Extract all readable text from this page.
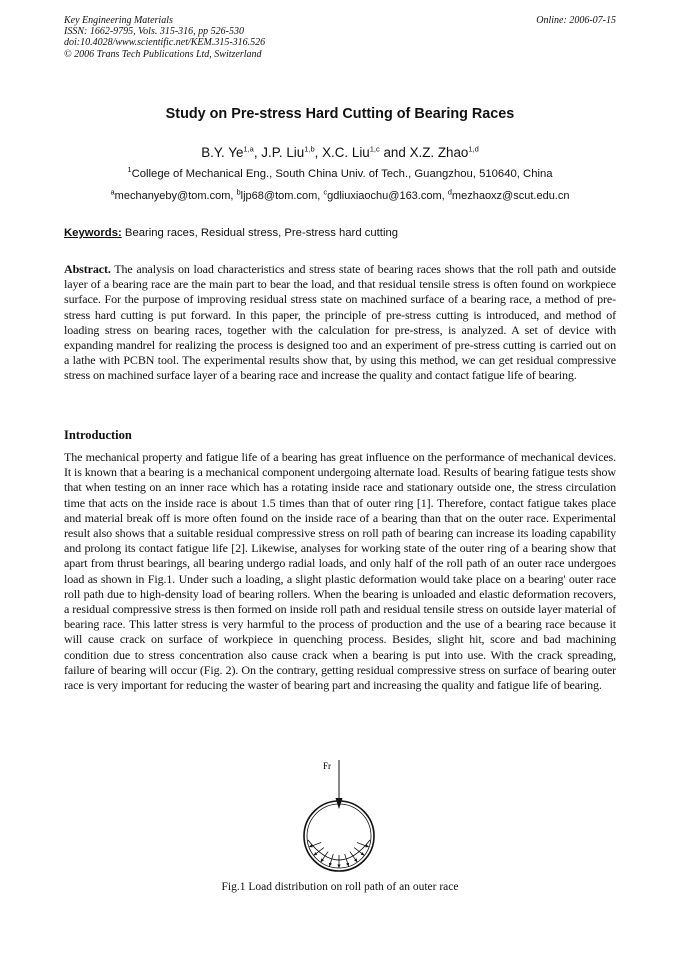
Key Engineering Materials
ISSN: 1662-9795, Vols. 315-316, pp 526-530
doi:10.4028/www.scientific.net/KEM.315-316.526
© 2006 Trans Tech Publications Ltd, Switzerland
Online: 2006-07-15
Study on Pre-stress Hard Cutting of Bearing Races
B.Y. Ye$^{1,a}$, J.P. Liu$^{1,b}$, X.C. Liu$^{1,c}$ and X.Z. Zhao$^{1,d}$
$^1$College of Mechanical Eng., South China Univ. of Tech., Guangzhou, 510640, China
$^a$mechanyeby@tom.com, $^b$ljp68@tom.com, $^c$gdliuxiaochu@163.com, $^d$mezhaoxz@scut.edu.cn
Keywords: Bearing races, Residual stress, Pre-stress hard cutting

Abstract. The analysis on load characteristics and stress state of bearing races shows that the roll path and outside layer of a bearing race are the main part to bear the load, and that residual tensile stress is often found on workpiece surface. For the purpose of improving residual stress state on machined surface of a bearing race, a method of pre-stress hard cutting is put forward. In this paper, the principle of pre-stress cutting is introduced, and method of loading stress on bearing races, together with the calculation for pre-stress, is analyzed. A set of device with expanding mandrel for realizing the process is designed too and an experiment of pre-stress cutting is carried out on a lathe with PCBN tool. The experimental results show that, by using this method, we can get residual compressive stress on machined surface layer of a bearing race and increase the quality and contact fatigue life of bearing.

Introduction

The mechanical property and fatigue life of a bearing has great influence on the performance of mechanical devices. It is known that a bearing is a mechanical component undergoing alternate load. Results of bearing fatigue tests show that when testing on an inner race which has a rotating inside race and stationary outside one, the stress circulation time that acts on the inside race is about 1.5 times than that of outer ring [1]. Therefore, contact fatigue takes place and material break off is more often found on the inside race of a bearing than that on the outer race. Experimental result also shows that a suitable residual compressive stress on roll path of bearing can increase its loading capability and prolong its contact fatigue life [2]. Likewise, analyses for working state of the outer ring of a bearing show that apart from thrust bearings, all bearing undergo radial loads, and only half of the roll path of an outer race undergoes load as shown in Fig.1. Under such a loading, a slight plastic deformation would take place on a bearing' outer race roll path due to high-density load of bearing rollers. When the bearing is unloaded and elastic deformation recovers, a residual compressive stress is then formed on inside roll path and residual tensile stress on outside layer material of bearing race. This latter stress is very harmful to the process of production and the use of a bearing race because it will cause crack on surface of workpiece in quenching process. Besides, slight hit, score and bad machining condition due to stress concentration also cause crack when a bearing is put into use. With the crack spreading, failure of bearing will occur (Fig. 2). On the contrary, getting residual compressive stress on surface of bearing outer race is very important for reducing the waster of bearing part and increasing the quality and fatigue life of bearing.

Fr
Fig.1 Load distribution on roll path of an outer race
